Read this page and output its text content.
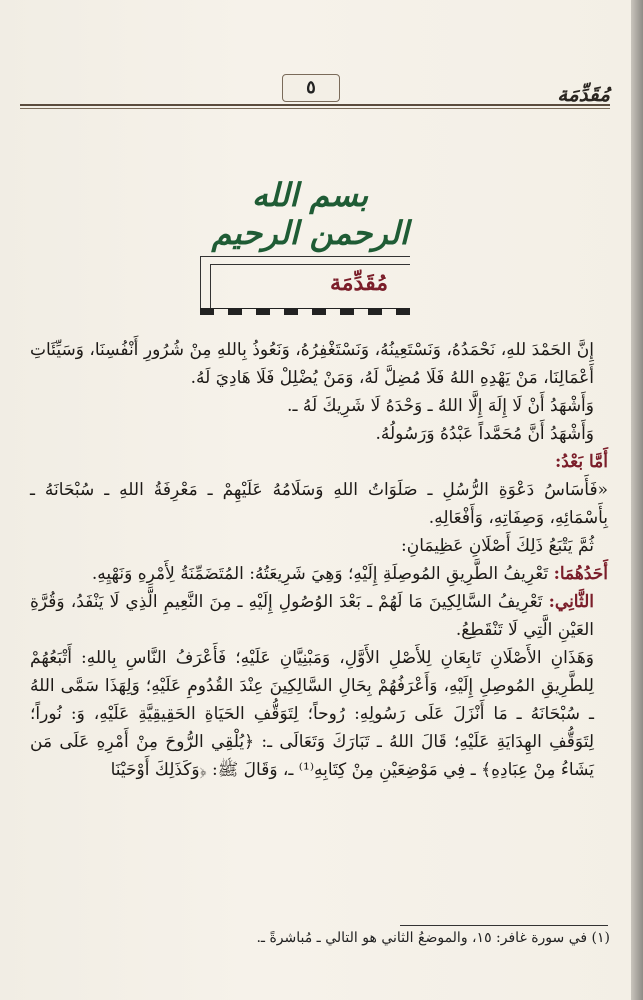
مُقَدِّمَة
٥
بسم الله الرحمن الرحيم
مُقَدِّمَة

إِنَّ الحَمْدَ للهِ، نَحْمَدُهُ، وَنَسْتَعِينُهُ، وَنَسْتَغْفِرُهُ، وَنَعُوذُ بِاللهِ مِنْ شُرُورِ أَنْفُسِنَا، وَسَيِّئَاتِ أَعْمَالِنَا، مَنْ يَهْدِهِ اللهُ فَلَا مُضِلَّ لَهُ، وَمَنْ يُضْلِلْ فَلَا هَادِيَ لَهُ.

وَأَشْهَدُ أَنْ لَا إِلَهَ إِلَّا اللهُ ـ وَحْدَهُ لَا شَرِيكَ لَهُ ـ.

وَأَشْهَدُ أَنَّ مُحَمَّداً عَبْدُهُ وَرَسُولُهُ.

أَمَّا بَعْدُ:

«فَأَسَاسُ دَعْوَةِ الرُّسُلِ ـ صَلَوَاتُ اللهِ وَسَلَامُهُ عَلَيْهِمْ ـ مَعْرِفَةُ اللهِ ـ سُبْحَانَهُ ـ بِأَسْمَائِهِ، وَصِفَاتِهِ، وَأَفْعَالِهِ.

ثُمَّ يَتْبَعُ ذَلِكَ أَصْلَانِ عَظِيمَانِ:

أَحَدُهُمَا: تَعْرِيفُ الطَّرِيقِ المُوصِلَةِ إِلَيْهِ؛ وَهِيَ شَرِيعَتُهُ: المُتَضَمِّنَةُ لِأَمْرِهِ وَنَهْيِهِ.

الثَّانِي: تَعْرِيفُ السَّالِكِينَ مَا لَهُمْ ـ بَعْدَ الوُصُولِ إِلَيْهِ ـ مِنَ النَّعِيمِ الَّذِي لَا يَنْفَدُ، وَقُرَّةِ العَيْنِ الَّتِي لَا تَنْقَطِعُ.

وَهَذَانِ الأَصْلَانِ تَابِعَانِ لِلأَصْلِ الأَوَّلِ، وَمَبْنِيَّانِ عَلَيْهِ؛ فَأَعْرَفُ النَّاسِ بِاللهِ: أَتْبَعُهُمْ لِلطَّرِيقِ المُوصِلِ إِلَيْهِ، وَأَعْرَفُهُمْ بِحَالِ السَّالِكِينَ عِنْدَ القُدُومِ عَلَيْهِ؛ وَلِهَذَا سَمَّى اللهُ ـ سُبْحَانَهُ ـ مَا أَنْزَلَ عَلَى رَسُولِهِ: رُوحاً؛ لِتَوَقُّفِ الحَيَاةِ الحَقِيقِيَّةِ عَلَيْهِ، وَ: نُوراً؛ لِتَوَقُّفِ الهِدَايَةِ عَلَيْهِ؛ قَالَ اللهُ ـ تَبَارَكَ وَتَعَالَى ـ: ﴿يُلْقِي الرُّوحَ مِنْ أَمْرِهِ عَلَى مَن يَشَاءُ مِنْ عِبَادِهِ﴾ ـ فِي مَوْضِعَيْنِ مِنْ كِتَابِهِ⁽¹⁾ ـ، وَقَالَ ﷺ: ﴿وَكَذَلِكَ أَوْحَيْنَا

(١) في سورة غافر: ١٥، والموضعُ الثاني هو التالي ـ مُباشرةً ـ.
